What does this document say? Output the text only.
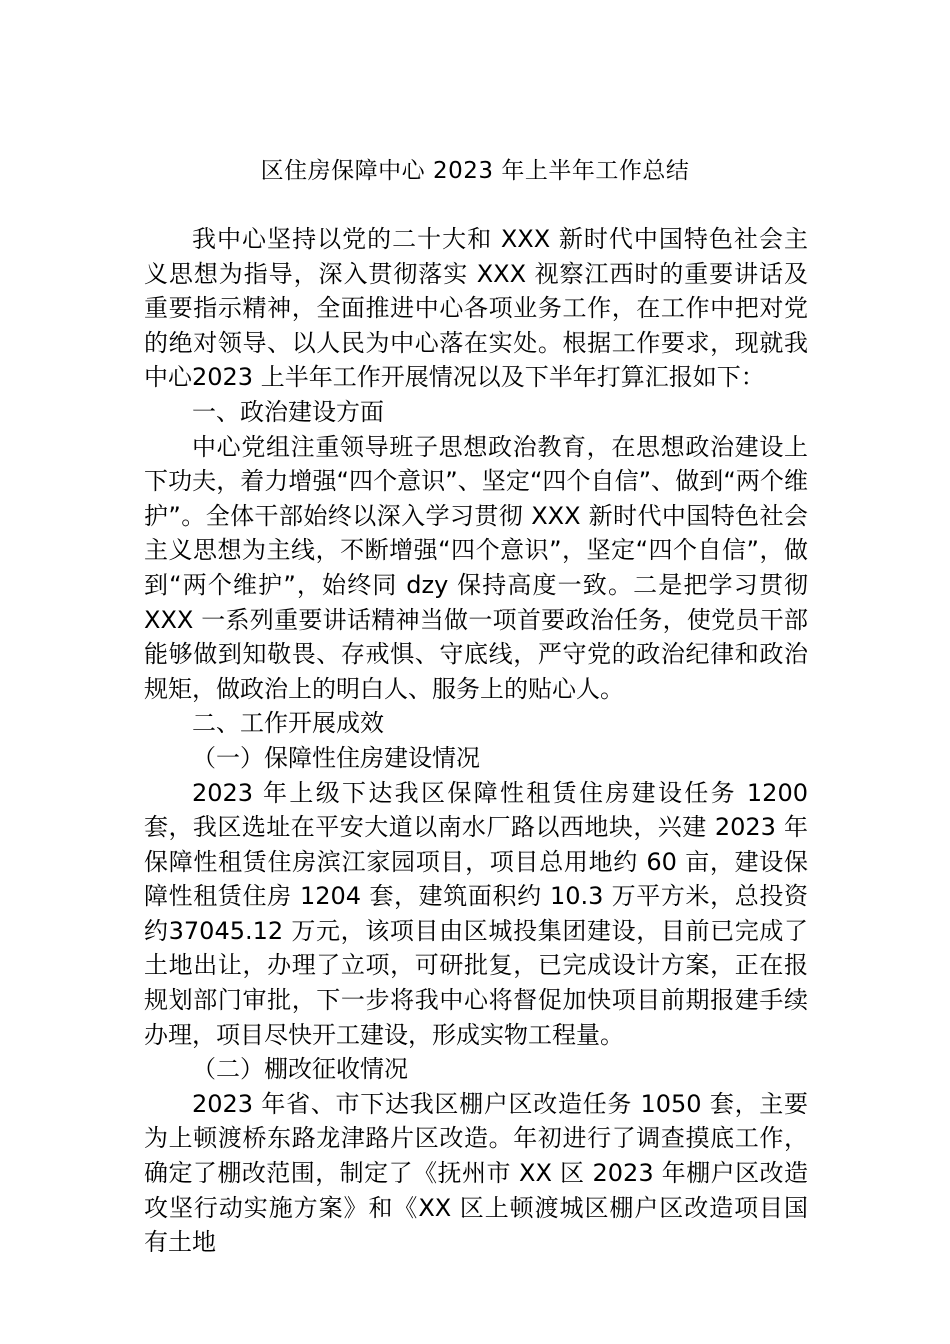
区住房保障中心 2023 年上半年工作总结

我中心坚持以党的二十大和 XXX 新时代中国特色社会主义思想为指导，深入贯彻落实 XXX 视察江西时的重要讲话及重要指示精神，全面推进中心各项业务工作，在工作中把对党的绝对领导、以人民为中心落在实处。根据工作要求，现就我中心2023 上半年工作开展情况以及下半年打算汇报如下：

一、政治建设方面

中心党组注重领导班子思想政治教育，在思想政治建设上下功夫，着力增强“四个意识”、坚定“四个自信”、做到“两个维护”。全体干部始终以深入学习贯彻 XXX 新时代中国特色社会主义思想为主线，不断增强“四个意识”，坚定“四个自信”，做到“两个维护”，始终同 dzy 保持高度一致。二是把学习贯彻 XXX 一系列重要讲话精神当做一项首要政治任务，使党员干部能够做到知敬畏、存戒惧、守底线，严守党的政治纪律和政治规矩，做政治上的明白人、服务上的贴心人。

二、工作开展成效

（一）保障性住房建设情况

2023 年上级下达我区保障性租赁住房建设任务 1200 套，我区选址在平安大道以南水厂路以西地块，兴建 2023 年保障性租赁住房滨江家园项目，项目总用地约 60 亩，建设保障性租赁住房 1204 套，建筑面积约 10.3 万平方米，总投资约37045.12 万元，该项目由区城投集团建设，目前已完成了土地出让，办理了立项，可研批复，已完成设计方案，正在报规划部门审批，下一步将我中心将督促加快项目前期报建手续办理，项目尽快开工建设，形成实物工程量。

（二）棚改征收情况

2023 年省、市下达我区棚户区改造任务 1050 套，主要为上顿渡桥东路龙津路片区改造。年初进行了调查摸底工作，确定了棚改范围，制定了《抚州市 XX 区 2023 年棚户区改造攻坚行动实施方案》和《XX 区上顿渡城区棚户区改造项目国有土地
